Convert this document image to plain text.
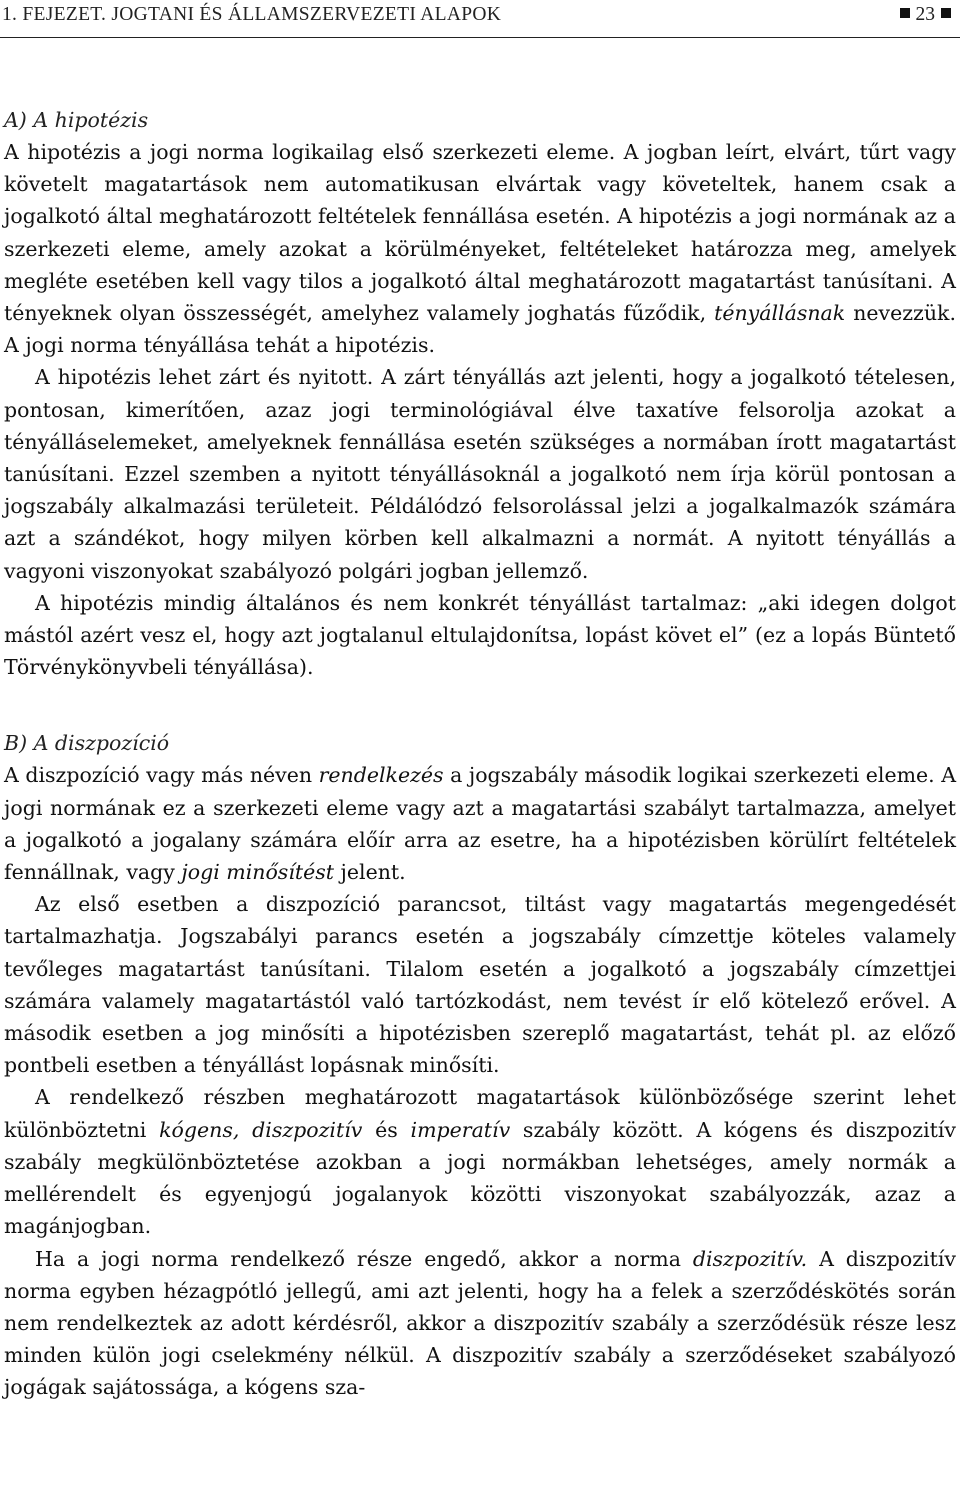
1. FEJEZET. JOGTANI ÉS ÁLLAMSZERVEZETI ALAPOK	23
A) A hipotézis

A hipotézis a jogi norma logikailag első szerkezeti eleme. A jogban leírt, elvárt, tűrt vagy követelt magatartások nem automatikusan elvártak vagy követeltek, hanem csak a jogalkotó által meghatározott feltételek fennállása esetén. A hipotézis a jogi normának az a szerkezeti eleme, amely azokat a körülményeket, feltételeket határozza meg, amelyek megléte esetében kell vagy tilos a jogalkotó által meghatározott magatartást tanúsítani. A tényeknek olyan összességét, amelyhez valamely joghatás fűződik, tényállásnak nevezzük. A jogi norma tényállása tehát a hipotézis.

A hipotézis lehet zárt és nyitott. A zárt tényállás azt jelenti, hogy a jogalkotó tételesen, pontosan, kimerítően, azaz jogi terminológiával élve taxatíve felsorolja azokat a tényálláselemeket, amelyeknek fennállása esetén szükséges a normában írott magatartást tanúsítani. Ezzel szemben a nyitott tényállásoknál a jogalkotó nem írja körül pontosan a jogszabály alkalmazási területeit. Példálódzó felsorolással jelzi a jogalkalmazók számára azt a szándékot, hogy milyen körben kell alkalmazni a normát. A nyitott tényállás a vagyoni viszonyokat szabályozó polgári jogban jellemző.

A hipotézis mindig általános és nem konkrét tényállást tartalmaz: „aki idegen dolgot mástól azért vesz el, hogy azt jogtalanul eltulajdonítsa, lopást követ el” (ez a lopás Büntető Törvénykönyvbeli tényállása).

B) A diszpozíció

A diszpozíció vagy más néven rendelkezés a jogszabály második logikai szerkezeti eleme. A jogi normának ez a szerkezeti eleme vagy azt a magatartási szabályt tartalmazza, amelyet a jogalkotó a jogalany számára előír arra az esetre, ha a hipotézisben körülírt feltételek fennállnak, vagy jogi minősítést jelent.

Az első esetben a diszpozíció parancsot, tiltást vagy magatartás megengedését tartalmazhatja. Jogszabályi parancs esetén a jogszabály címzettje köteles valamely tevőleges magatartást tanúsítani. Tilalom esetén a jogalkotó a jogszabály címzettjei számára valamely magatartástól való tartózkodást, nem tevést ír elő kötelező erővel. A második esetben a jog minősíti a hipotézisben szereplő magatartást, tehát pl. az előző pontbeli esetben a tényállást lopásnak minősíti.

A rendelkező részben meghatározott magatartások különbözősége szerint lehet különböztetni kógens, diszpozitív és imperatív szabály között. A kógens és diszpozitív szabály megkülönböztetése azokban a jogi normákban lehetséges, amely normák a mellérendelt és egyenjogú jogalanyok közötti viszonyokat szabályozzák, azaz a magánjogban.

Ha a jogi norma rendelkező része engedő, akkor a norma diszpozitív. A diszpozitív norma egyben hézagpótló jellegű, ami azt jelenti, hogy ha a felek a szerződéskötés során nem rendelkeztek az adott kérdésről, akkor a diszpozitív szabály a szerződésük része lesz minden külön jogi cselekmény nélkül. A diszpozitív szabály a szerződéseket szabályozó jogágak sajátossága, a kógens sza-
